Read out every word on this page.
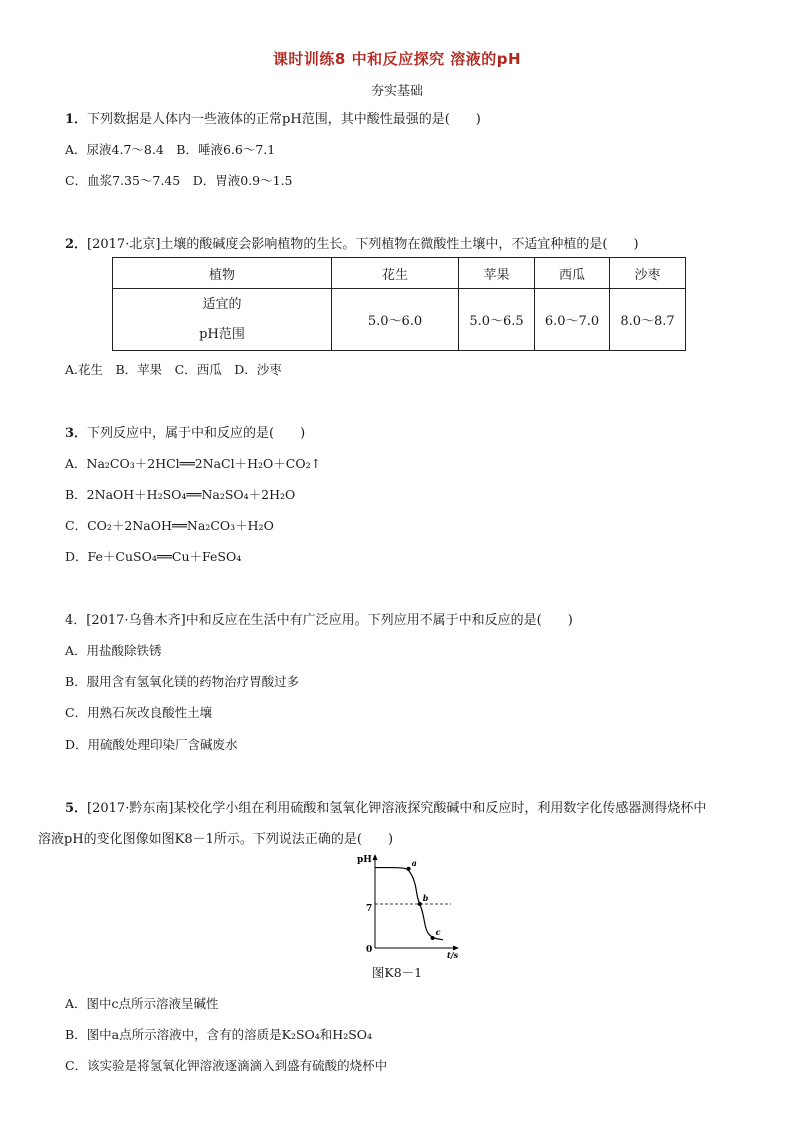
课时训练8 中和反应探究 溶液的pH
夯实基础
1．下列数据是人体内一些液体的正常pH范围，其中酸性最强的是(　　)
A．尿液4.7～8.4　B．唾液6.6～7.1
C．血浆7.35～7.45　D．胃液0.9～1.5
2．[2017·北京]土壤的酸碱度会影响植物的生长。下列植物在微酸性土壤中，不适宜种植的是(　　)
植物	花生	苹果	西瓜	沙枣

适宜的
pH范围	5.0～6.0	5.0～6.5	6.0～7.0	8.0～8.7
A.花生　B．苹果　C．西瓜　D．沙枣
3．下列反应中，属于中和反应的是(　　)
A．Na₂CO₃＋2HCl══2NaCl＋H₂O＋CO₂↑
B．2NaOH＋H₂SO₄══Na₂SO₄＋2H₂O
C．CO₂＋2NaOH══Na₂CO₃＋H₂O
D．Fe＋CuSO₄══Cu＋FeSO₄
4．[2017·乌鲁木齐]中和反应在生活中有广泛应用。下列应用不属于中和反应的是(　　)
A．用盐酸除铁锈
B．服用含有氢氧化镁的药物治疗胃酸过多
C．用熟石灰改良酸性土壤
D．用硫酸处理印染厂含碱废水
5．[2017·黔东南]某校化学小组在利用硫酸和氢氧化钾溶液探究酸碱中和反应时，利用数字化传感器测得烧杯中
溶液pH的变化图像如图K8－1所示。下列说法正确的是(　　)
pH
t/s
0
7
a
b
c
图K8－1
A．图中c点所示溶液呈碱性
B．图中a点所示溶液中，含有的溶质是K₂SO₄和H₂SO₄
C．该实验是将氢氧化钾溶液逐滴滴入到盛有硫酸的烧杯中
